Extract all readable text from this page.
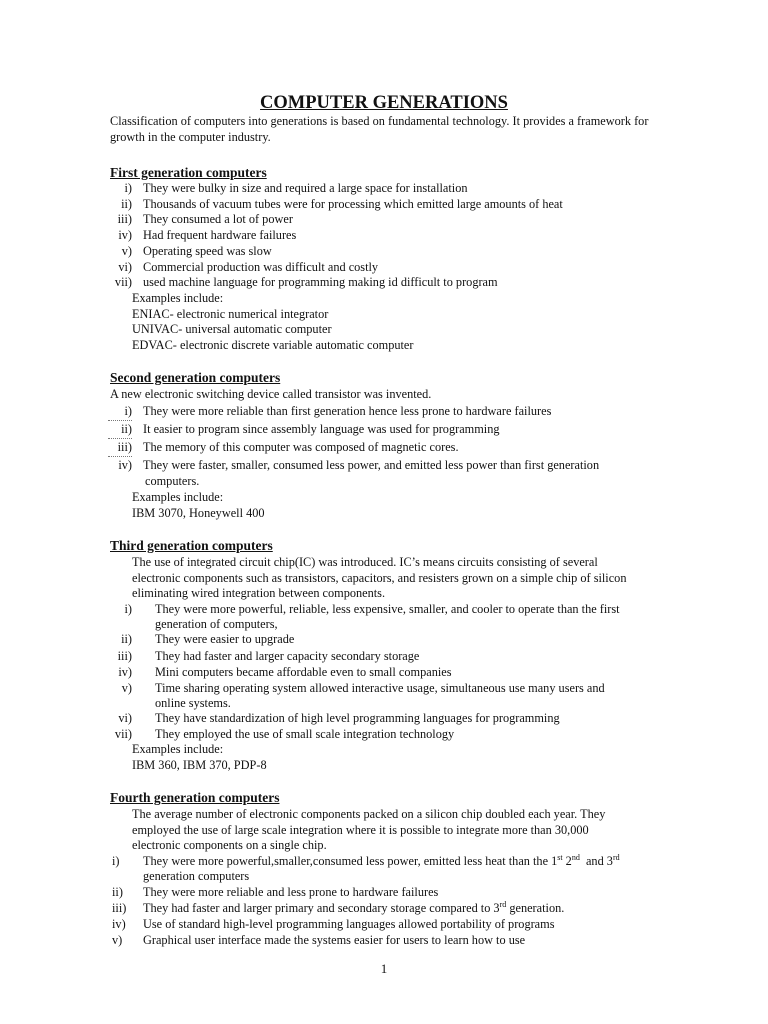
COMPUTER GENERATIONS
Classification of computers into generations is based on fundamental technology. It provides a framework for growth in the computer industry.
First generation computers
i) They were bulky in size and required a large space for installation
ii) Thousands of vacuum tubes were for processing which emitted large amounts of heat
iii) They consumed a lot of power
iv) Had frequent hardware failures
v) Operating speed was slow
vi) Commercial production was difficult and costly
vii) used machine language for programming making id difficult to program
Examples include:
ENIAC- electronic numerical integrator
UNIVAC- universal automatic computer
EDVAC- electronic discrete variable automatic computer
Second generation computers
A new electronic switching device called transistor was invented.
i) They were more reliable than first generation hence less prone to hardware failures
ii) It easier to program since assembly language was used for programming
iii) The memory of this computer was composed of magnetic cores.
iv) They were faster, smaller, consumed less power, and emitted less power than first generation
computers.
Examples include:
IBM 3070, Honeywell 400
Third generation computers
The use of integrated circuit chip(IC) was introduced. IC’s means circuits consisting of several
electronic components such as transistors, capacitors, and resisters grown on a simple chip of silicon
eliminating wired integration between components.
i) They were more powerful, reliable, less expensive, smaller, and cooler to operate than the first
generation of computers,
ii) They were easier to upgrade
iii) They had faster and larger capacity secondary storage
iv) Mini computers became affordable even to small companies
v) Time sharing operating system allowed interactive usage, simultaneous use many users and
online systems.
vi) They have standardization of high level programming languages for programming
vii) They employed the use of small scale integration technology
Examples include:
IBM 360, IBM 370, PDP-8
Fourth generation computers
The average number of electronic components packed on a silicon chip doubled each year. They
employed the use of large scale integration where it is possible to integrate more than 30,000
electronic components on a single chip.
i) They were more powerful,smaller,consumed less power, emitted less heat than the 1st 2nd  and 3rd
generation computers
ii) They were more reliable and less prone to hardware failures
iii) They had faster and larger primary and secondary storage compared to 3rd generation.
iv) Use of standard high-level programming languages allowed portability of programs
v) Graphical user interface made the systems easier for users to learn how to use
1
